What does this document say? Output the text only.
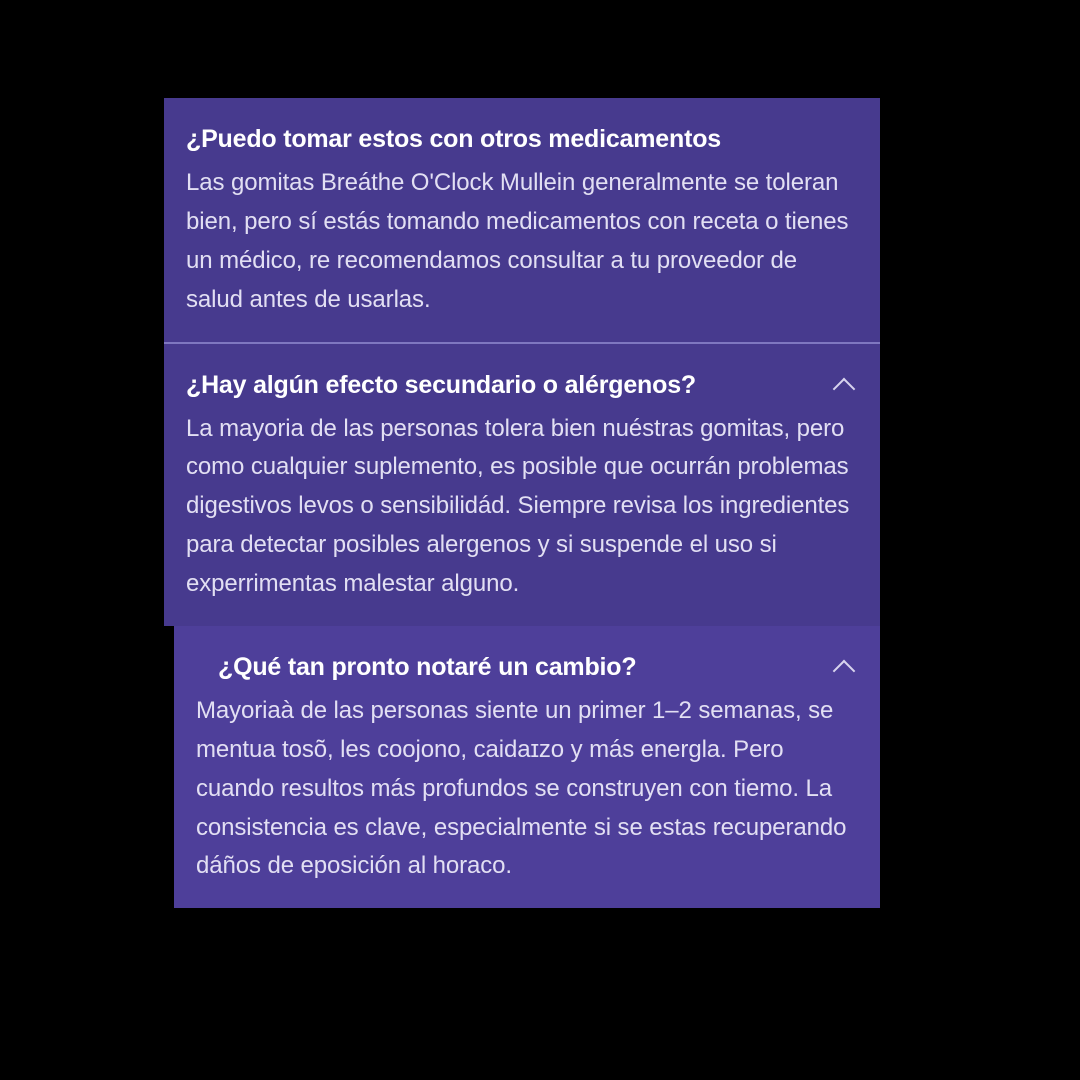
¿Puedo tomar estos con otros medicamentos
Las gomitas Breáthe O'Clock Mullein generalmente se toleran bien, pero sí estás tomando medicamentos con receta o tienes un médico, re recomendamos consultar a tu proveedor de salud antes de usarlas.
¿Hay algún efecto secundario o alérgenos?
La mayoria de las personas tolera bien nuéstras gomitas, pero como cualquier suplemento, es posible que ocurrán problemas digestivos levos o sensibilidád. Siempre revisa los ingredientes para detectar posibles alergenos y si suspende el uso si experrimentas malestar alguno.
¿Qué tan pronto notaré un cambio?
Mayoriaà de las personas siente un primer 1–2 semanas, se mentua tosõ, les coojono, caidaɪzo y más energla. Pero cuando resultos más profundos se construyen con tiemo. La consistencia es clave, especialmente si se estas recuperando dáños de eposición al horaco.
